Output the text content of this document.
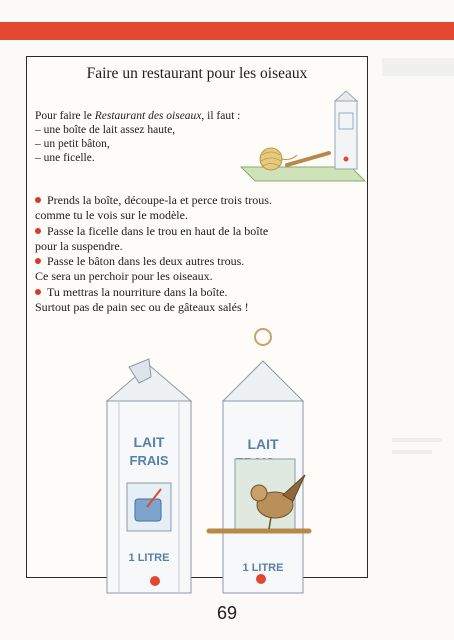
Faire un restaurant pour les oiseaux
Pour faire le Restaurant des oiseaux, il faut :
– une boîte de lait assez haute,
– un petit bâton,
– une ficelle.
Prends la boîte, découpe-la et perce trois trous.
comme tu le vois sur le modèle.
Passe la ficelle dans le trou en haut de la boîte
pour la suspendre.
Passe le bâton dans les deux autres trous.
Ce sera un perchoir pour les oiseaux.
Tu mettras la nourriture dans la boîte.
Surtout pas de pain sec ou de gâteaux salés !
LAIT
FRAIS
1 LITRE
LAIT
1 LITRE
69
